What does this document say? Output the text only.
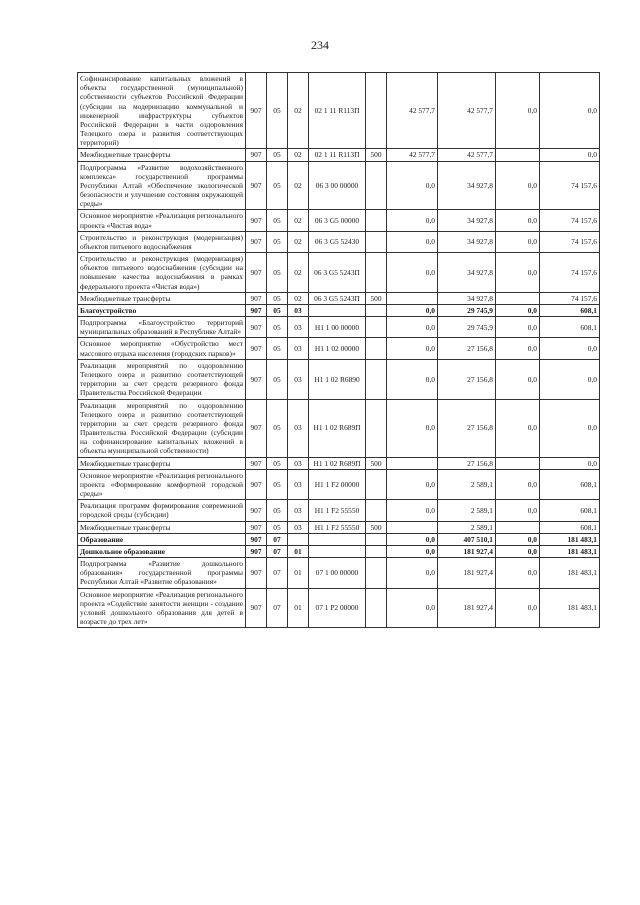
234
Софинансирование капитальных вложений в объекты государственной (муниципальной) собственности субъектов Российской Федерации (субсидии на модернизацию коммунальной и инженерной инфраструктуры субъектов Российской Федерации в части оздоровления Телецкого озера и развития соответствующих территорий)	907	05	02	02 1 11 R113П		42 577,7	42 577,7	0,0	0,0
Межбюджетные трансферты	907	05	02	02 1 11 R113П	500	42 577,7	42 577,7		0,0
Подпрограмма «Развитие водохозяйственного комплекса» государственной программы Республики Алтай «Обеспечение экологической безопасности и улучшение состояния окружающей среды»	907	05	02	06 3 00 00000		0,0	34 927,8	0,0	74 157,6
Основное мероприятие «Реализация регионального проекта «Чистая вода»	907	05	02	06 3 G5 00000		0,0	34 927,8	0,0	74 157,6
Строительство и реконструкция (модернизация) объектов питьевого водоснабжения	907	05	02	06 3 G5 52430		0,0	34 927,8	0,0	74 157,6
Строительство и реконструкция (модернизация) объектов питьевого водоснабжения (субсидии на повышение качества водоснабжения в рамках федерального проекта «Чистая вода»)	907	05	02	06 3 G5 5243П		0,0	34 927,8	0,0	74 157,6
Межбюджетные трансферты	907	05	02	06 3 G5 5243П	500		34 927,8		74 157,6
Благоустройство	907	05	03			0,0	29 745,9	0,0	608,1
Подпрограмма «Благоустройство территорий муниципальных образований в Республике Алтай»	907	05	03	Н1 1 00 00000		0,0	29 745,9	0,0	608,1
Основное мероприятие «Обустройство мест массового отдыха населения (городских парков)»	907	05	03	Н1 1 02 00000		0,0	27 156,8	0,0	0,0
Реализация мероприятий по оздоровлению Телецкого озера и развитию соответствующей территории за счет средств резервного фонда Правительства Российской Федерации	907	05	03	Н1 1 02 R6890		0,0	27 156,8	0,0	0,0
Реализация мероприятий по оздоровлению Телецкого озера и развитию соответствующей территории за счет средств резервного фонда Правительства Российской Федерации (субсидии на софинансирование капитальных вложений в объекты муниципальной собственности)	907	05	03	Н1 1 02 R689П		0,0	27 156,8	0,0	0,0
Межбюджетные трансферты	907	05	03	Н1 1 02 R689П	500		27 156,8		0,0
Основное мероприятие «Реализация регионального проекта «Формирование комфортной городской среды»	907	05	03	Н1 1 F2 00000		0,0	2 589,1	0,0	608,1
Реализация программ формирования современной городской среды (субсидии)	907	05	03	Н1 1 F2 55550		0,0	2 589,1	0,0	608,1
Межбюджетные трансферты	907	05	03	Н1 1 F2 55550	500		2 589,1		608,1
Образование	907	07				0,0	407 510,1	0,0	181 483,1
Дошкольное образование	907	07	01			0,0	181 927,4	0,0	181 483,1
Подпрограмма «Развитие дошкольного образования» государственной программы Республики Алтай «Развитие образования»	907	07	01	07 1 00 00000		0,0	181 927,4	0,0	181 483,1
Основное мероприятие «Реализация регионального проекта «Содействие занятости женщин - создание условий дошкольного образования для детей в возрасте до трех лет»	907	07	01	07 1 P2 00000		0,0	181 927,4	0,0	181 483,1
